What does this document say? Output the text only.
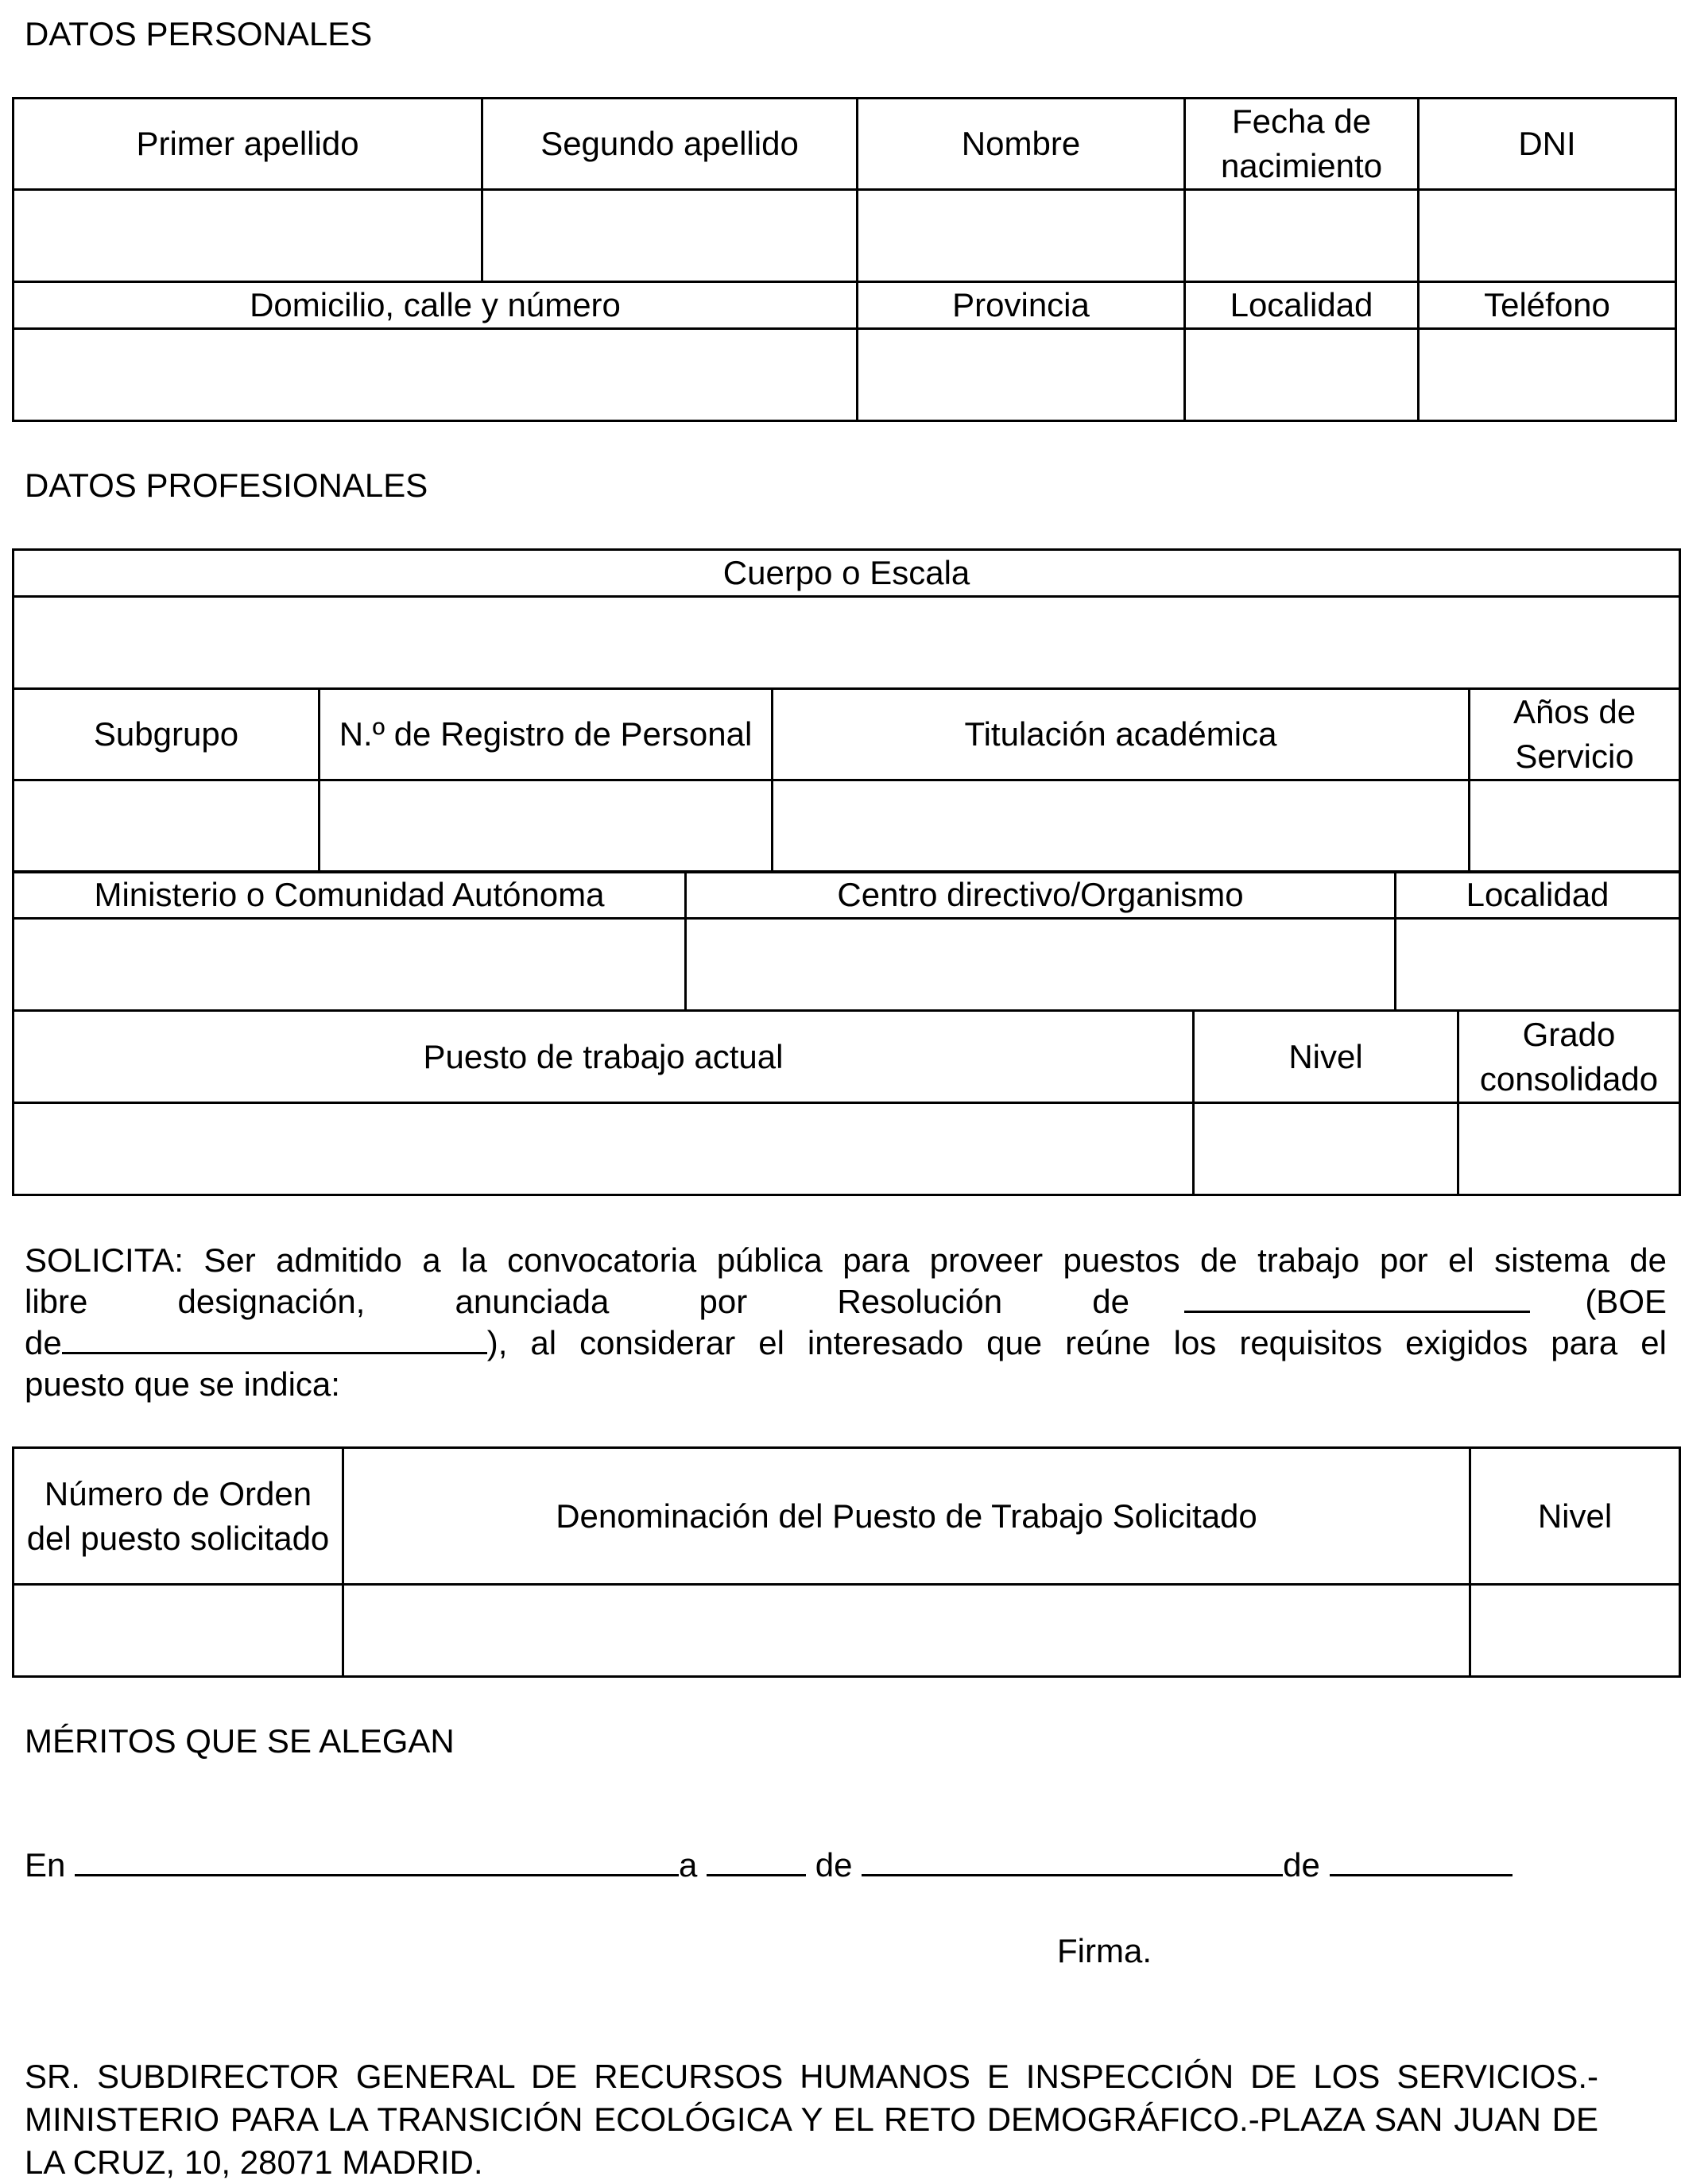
DATOS PERSONALES
Primer apellido	Segundo apellido	Nombre	Fecha de nacimiento	DNI

Domicilio, calle y número		Provincia	Localidad	Teléfono

DATOS PROFESIONALES
Cuerpo o Escala			

Subgrupo	N.º de Registro de Personal	Titulación académica	Años de Servicio

Ministerio o Comunidad Autónoma	Centro directivo/Organismo	Localidad

Puesto de trabajo actual	Nivel	Grado consolidado

SOLICITA: Ser admitido a la convocatoria pública para proveer puestos de trabajo por el sistema de
libre	designación,	anunciada	por	Resolución	de	(BOE
de	), al considerar el interesado que reúne los requisitos exigidos para el
puesto que se indica:
Número de Orden del puesto solicitado	Denominación del Puesto de Trabajo Solicitado	Nivel

MÉRITOS QUE SE ALEGAN
En	a	de	de
Firma.
SR. SUBDIRECTOR GENERAL DE RECURSOS HUMANOS E INSPECCIÓN DE LOS SERVICIOS.-MINISTERIO PARA LA TRANSICIÓN ECOLÓGICA Y EL RETO DEMOGRÁFICO.-PLAZA SAN JUAN DE LA CRUZ, 10, 28071 MADRID.
